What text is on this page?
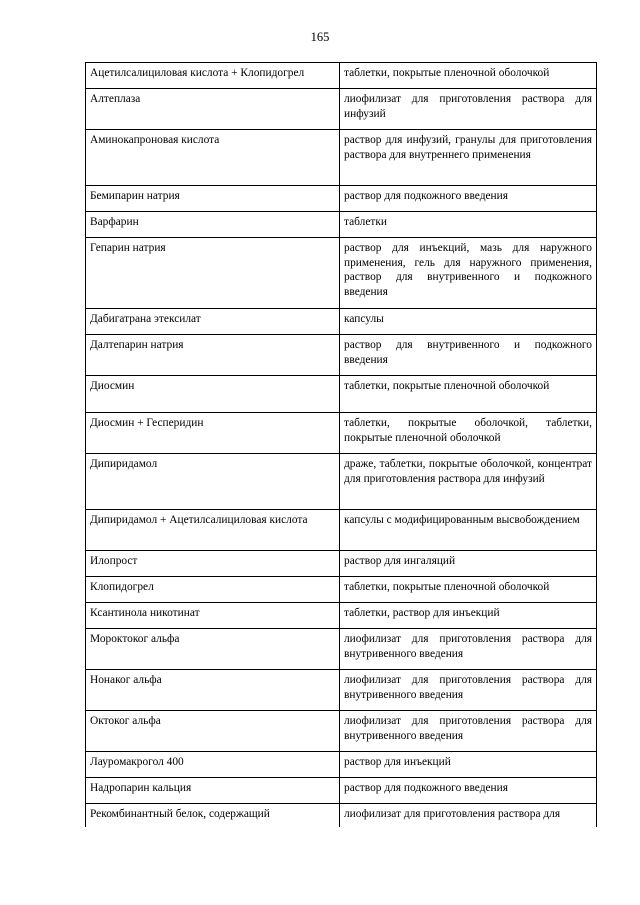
165
Ацетилсалициловая кислота + Клопидогрел	таблетки, покрытые пленочной оболочкой
Алтеплаза	лиофилизат для приготовления раствора для инфузий
Аминокапроновая кислота	раствор для инфузий, гранулы для приготовления раствора для внутреннего применения
Бемипарин натрия	раствор для подкожного введения
Варфарин	таблетки
Гепарин натрия	раствор для инъекций, мазь для наружного применения, гель для наружного применения, раствор для внутривенного и подкожного введения
Дабигатрана этексилат	капсулы
Далтепарин натрия	раствор для внутривенного и подкожного введения
Диосмин	таблетки, покрытые пленочной оболочкой
Диосмин + Гесперидин	таблетки, покрытые оболочкой, таблетки, покрытые пленочной оболочкой
Дипиридамол	драже, таблетки, покрытые оболочкой, концентрат для приготовления раствора для инфузий
Дипиридамол + Ацетилсалициловая кислота	капсулы с модифицированным высвобождением
Илопрост	раствор для ингаляций
Клопидогрел	таблетки, покрытые пленочной оболочкой
Ксантинола никотинат	таблетки, раствор для инъекций
Мороктоког альфа	лиофилизат для приготовления раствора для внутривенного введения
Нонаког альфа	лиофилизат для приготовления раствора для внутривенного введения
Октоког альфа	лиофилизат для приготовления раствора для внутривенного введения
Лауромакрогол 400	раствор для инъекций
Надропарин кальция	раствор для подкожного введения
Рекомбинантный белок, содержащий	лиофилизат для приготовления раствора для
